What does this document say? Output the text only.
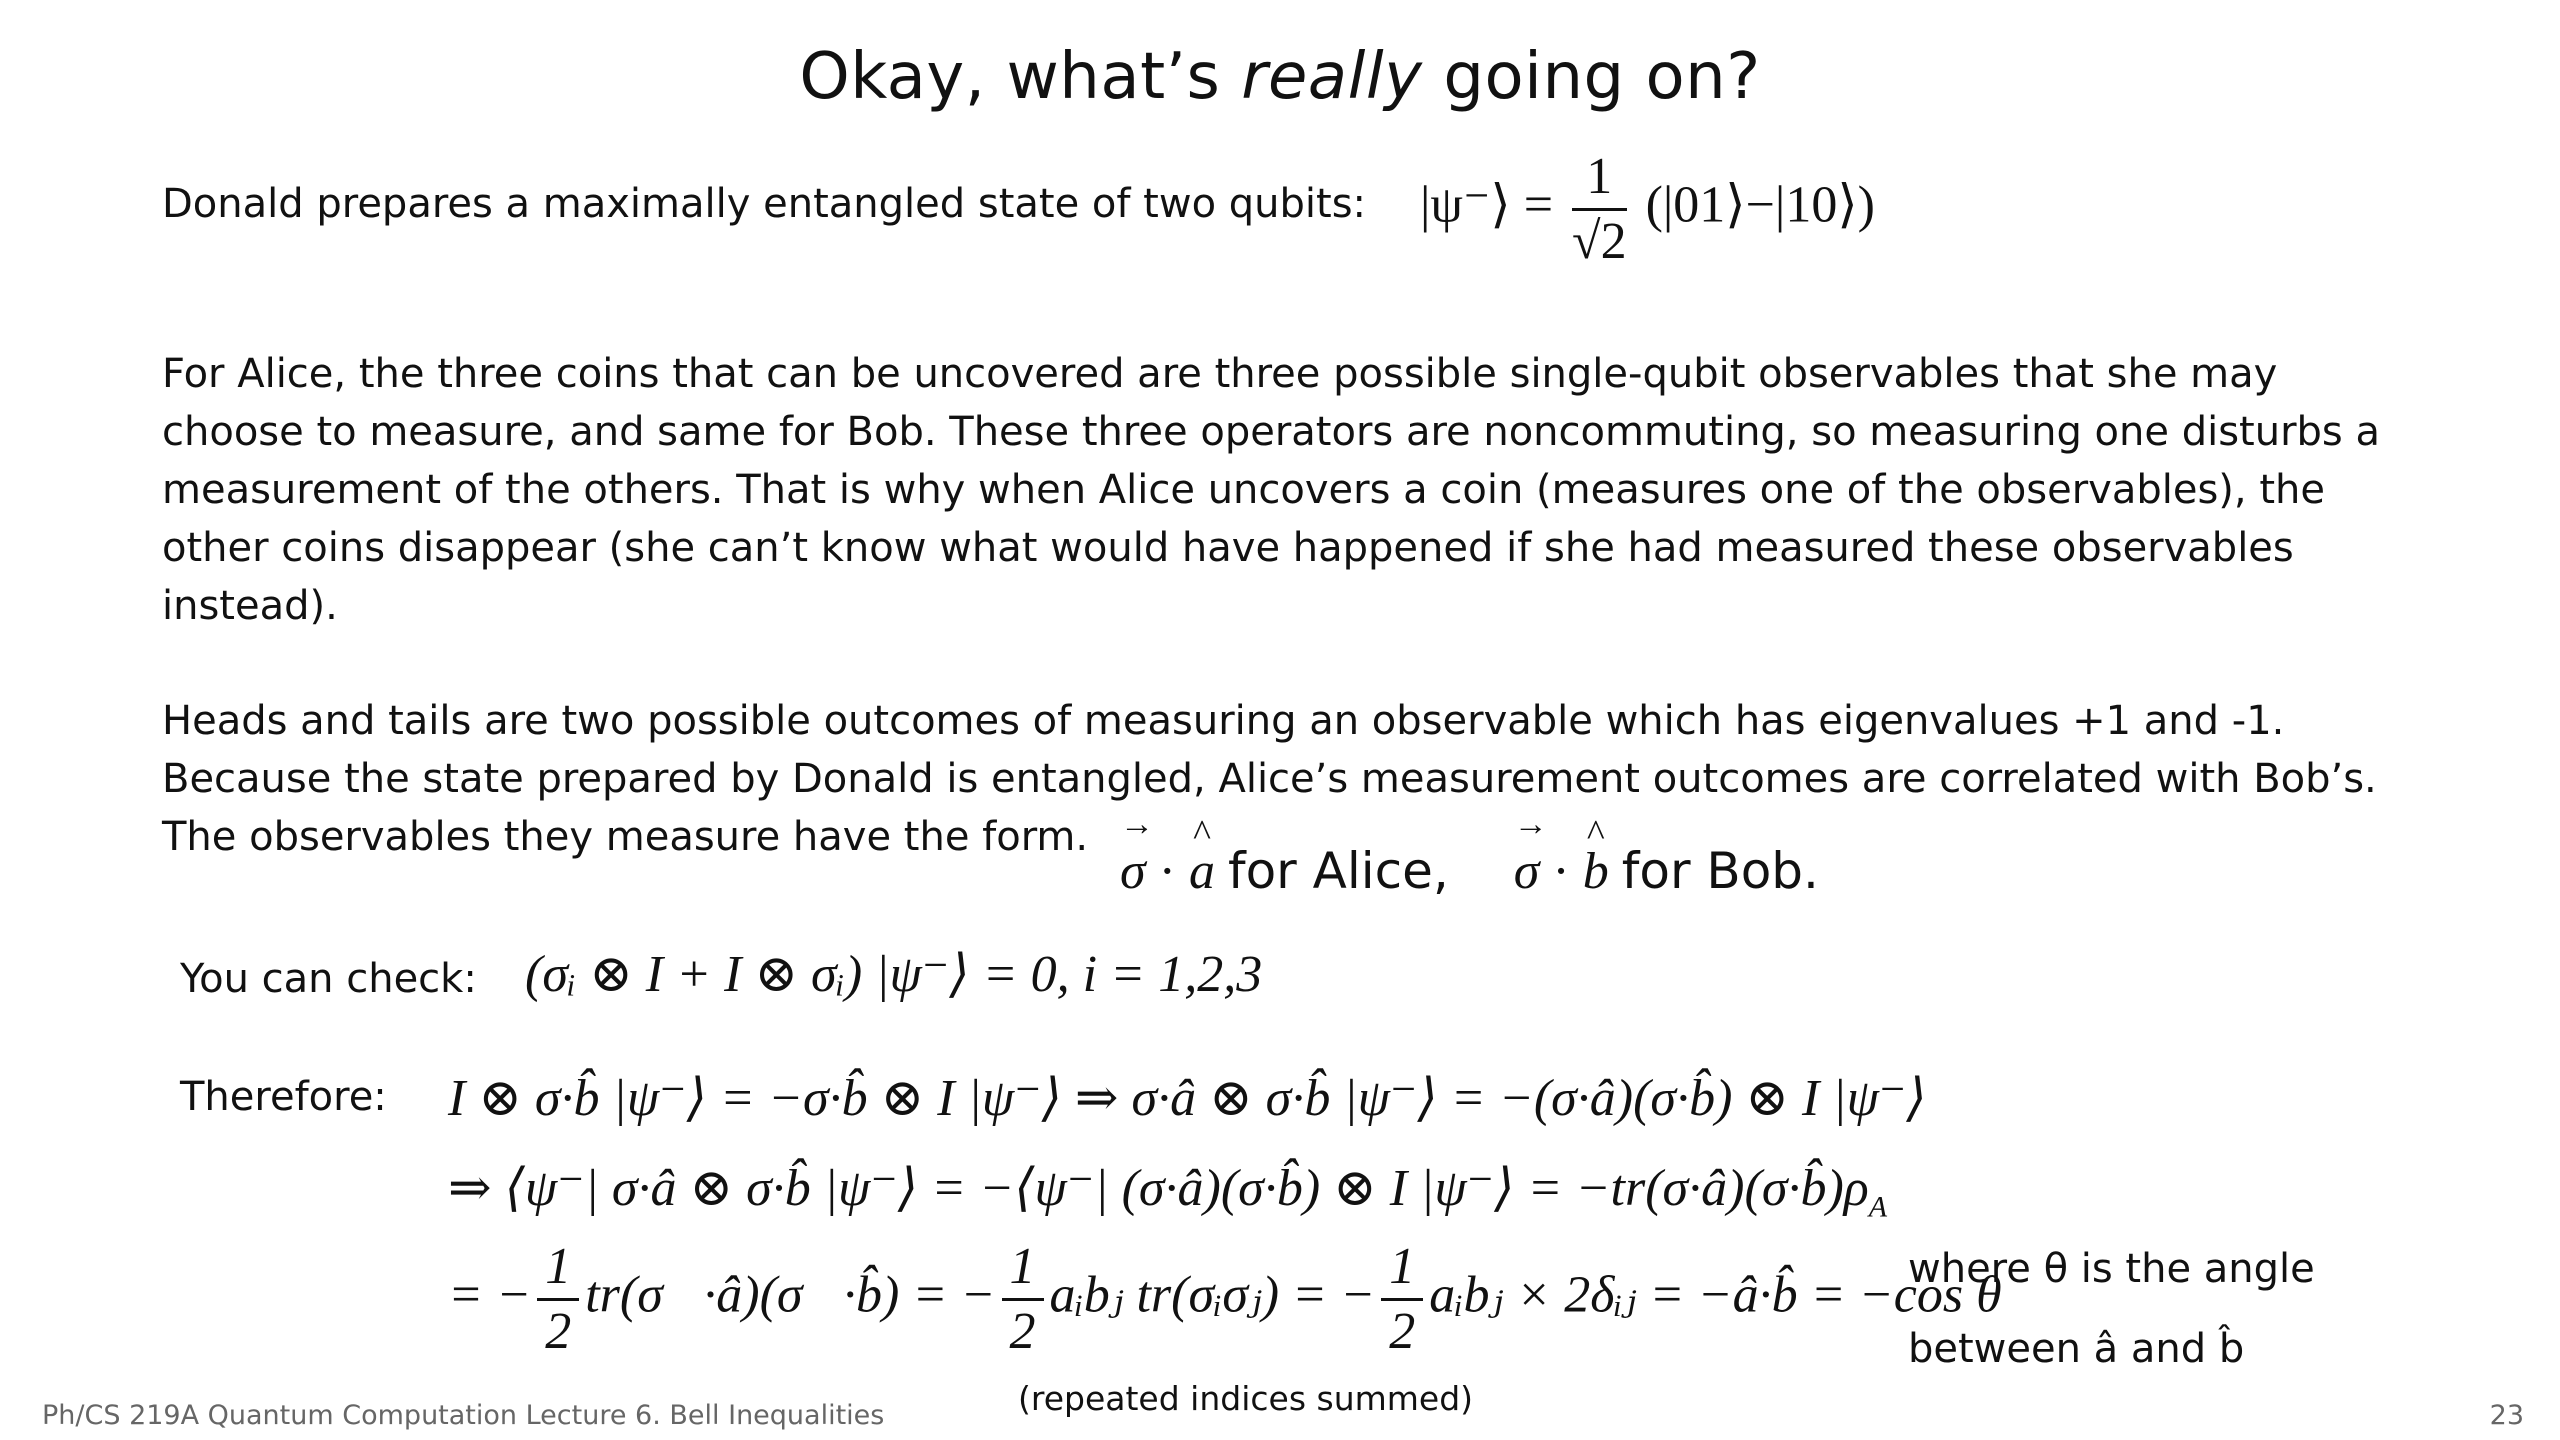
Okay, what’s really going on?
Donald prepares a maximally entangled state of two qubits: |ψ⁻⟩ = $\frac{1}{√2}$ (|01⟩−|10⟩)
For Alice, the three coins that can be uncovered are three possible single-qubit observables that she may
choose to measure, and same for Bob. These three operators are noncommuting, so measuring one disturbs a
measurement of the others. That is why when Alice uncovers a coin (measures one of the observables), the
other coins disappear (she can’t know what would have happened if she had measured these observables
instead).
Heads and tails are two possible outcomes of measuring an observable which has eigenvalues +1 and -1.
Because the state prepared by Donald is entangled, Alice’s measurement outcomes are correlated with Bob’s.
The observables they measure have the form.
σ → · a ^ for Alice, σ → · b ^ for Bob.
You can check: (σᵢ ⊗ I + I ⊗ σᵢ) |ψ⁻⟩ = 0, i = 1,2,3
Therefore: I ⊗ σ·b̂ |ψ⁻⟩ = −σ·b̂ ⊗ I |ψ⁻⟩ ⇒ σ·â ⊗ σ·b̂ |ψ⁻⟩ = −(σ·â)(σ·b̂) ⊗ I |ψ⁻⟩
⇒ ⟨ψ⁻| σ·â ⊗ σ·b̂ |ψ⁻⟩ = −⟨ψ⁻| (σ·â)(σ·b̂) ⊗ I |ψ⁻⟩ = $-tr(\sigma\cdot â)(\sigma\cdot b̂)\rho_A$
= − $\frac{1}{2}$ tr(σ⃗·â)(σ⃗·b̂) = − $\frac{1}{2}$ aᵢbⱼ tr(σᵢσⱼ) = − $\frac{1}{2}$ aᵢbⱼ × 2δᵢⱼ = −â·b̂ = −cos θ
where θ is the angle
between â and b̂
(repeated indices summed)
Ph/CS 219A Quantum Computation Lecture 6. Bell Inequalities	23
